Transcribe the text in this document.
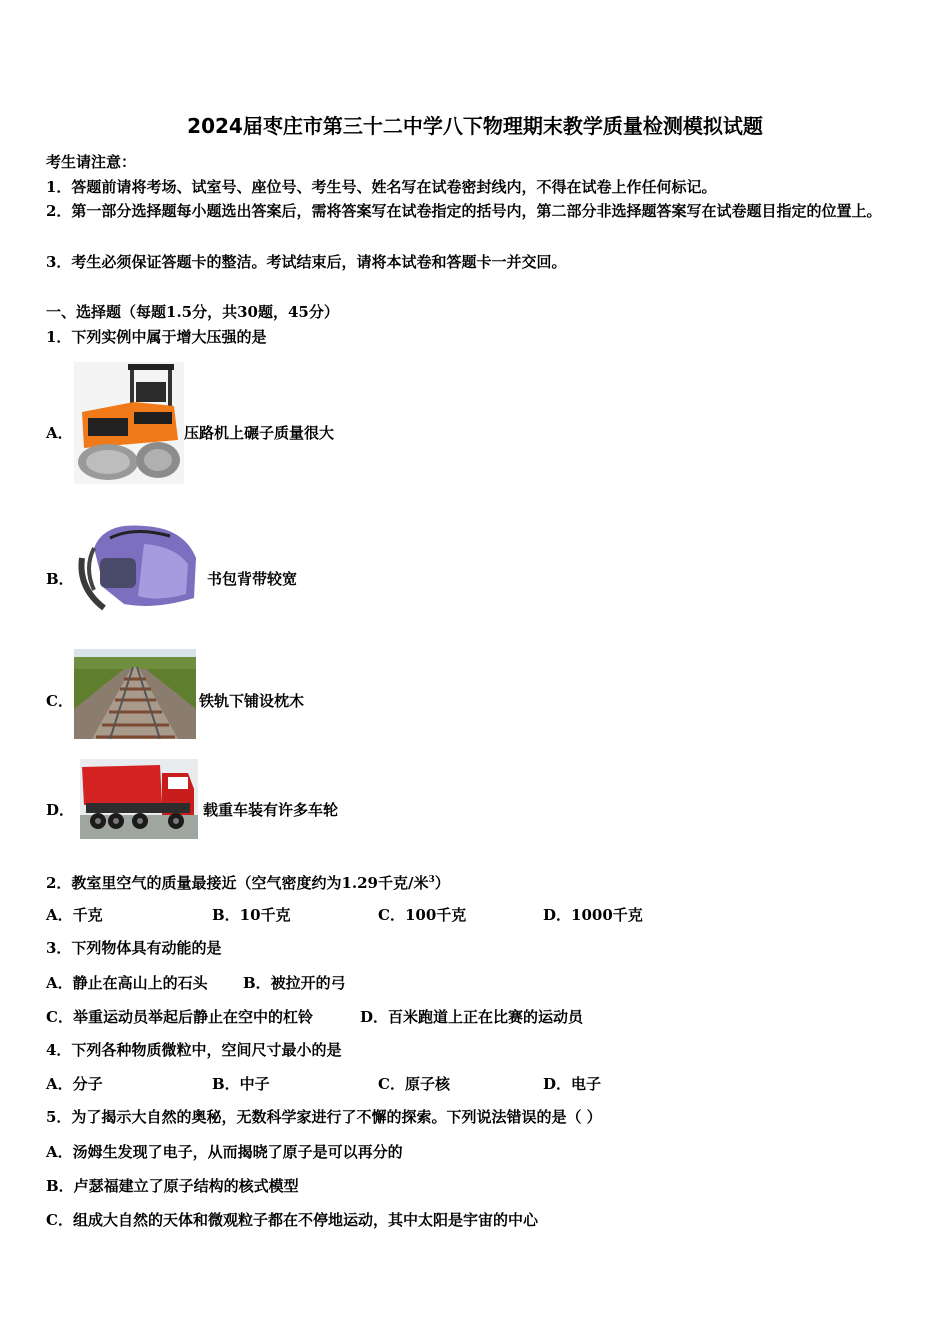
2024届枣庄市第三十二中学八下物理期末教学质量检测模拟试题
考生请注意：
1．答题前请将考场、试室号、座位号、考生号、姓名写在试卷密封线内，不得在试卷上作任何标记。
2．第一部分选择题每小题选出答案后，需将答案写在试卷指定的括号内，第二部分非选择题答案写在试卷题目指定的位置上。
3．考生必须保证答题卡的整洁。考试结束后，请将本试卷和答题卡一并交回。
一、选择题（每题1.5分，共30题，45分）
1．下列实例中属于增大压强的是
A．	压路机上碾子质量很大
B．	书包背带较宽
C．	铁轨下铺设枕木
D．	载重车装有许多车轮
2．教室里空气的质量最接近（空气密度约为1.29千克/米$^3$）
A．千克	B．10千克	C．100千克	D．1000千克
3．下列物体具有动能的是
A．静止在高山上的石头 B．被拉开的弓
C．举重运动员举起后静止在空中的杠铃	D．百米跑道上正在比赛的运动员
4．下列各种物质微粒中，空间尺寸最小的是
A．分子	B．中子	C．原子核	D．电子
5．为了揭示大自然的奥秘，无数科学家进行了不懈的探索。下列说法错误的是（ ）
A．汤姆生发现了电子，从而揭晓了原子是可以再分的
B．卢瑟福建立了原子结构的核式模型
C．组成大自然的天体和微观粒子都在不停地运动，其中太阳是宇宙的中心
